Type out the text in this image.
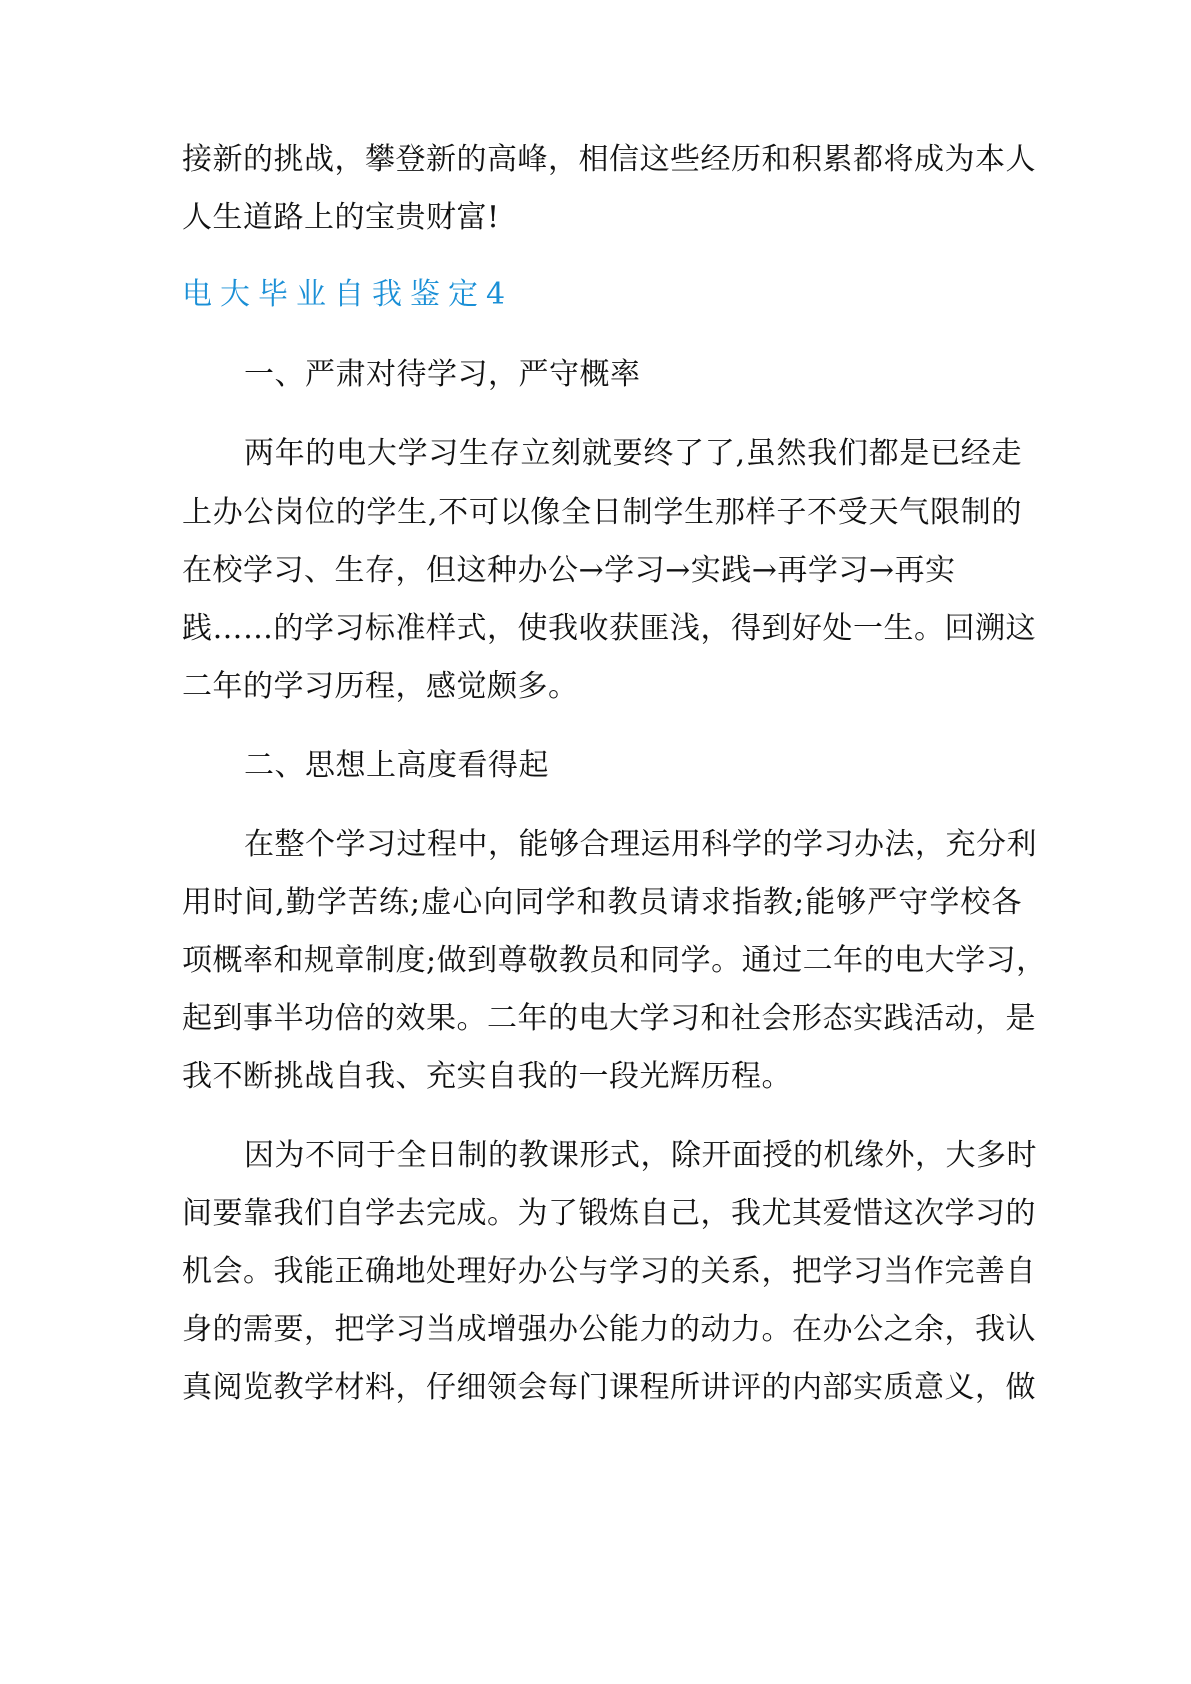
接新的挑战，攀登新的高峰，相信这些经历和积累都将成为本人
人生道路上的宝贵财富!
电大毕业自我鉴定4
一、严肃对待学习，严守概率
两年的电大学习生存立刻就要终了了,虽然我们都是已经走
上办公岗位的学生,不可以像全日制学生那样子不受天气限制的
在校学习、生存，但这种办公→学习→实践→再学习→再实
践……的学习标准样式，使我收获匪浅，得到好处一生。回溯这
二年的学习历程，感觉颇多。
二、思想上高度看得起
在整个学习过程中，能够合理运用科学的学习办法，充分利
用时间,勤学苦练;虚心向同学和教员请求指教;能够严守学校各
项概率和规章制度;做到尊敬教员和同学。通过二年的电大学习，
起到事半功倍的效果。二年的电大学习和社会形态实践活动，是
我不断挑战自我、充实自我的一段光辉历程。
因为不同于全日制的教课形式，除开面授的机缘外，大多时
间要靠我们自学去完成。为了锻炼自己，我尤其爱惜这次学习的
机会。我能正确地处理好办公与学习的关系，把学习当作完善自
身的需要，把学习当成增强办公能力的动力。在办公之余，我认
真阅览教学材料，仔细领会每门课程所讲评的内部实质意义，做
